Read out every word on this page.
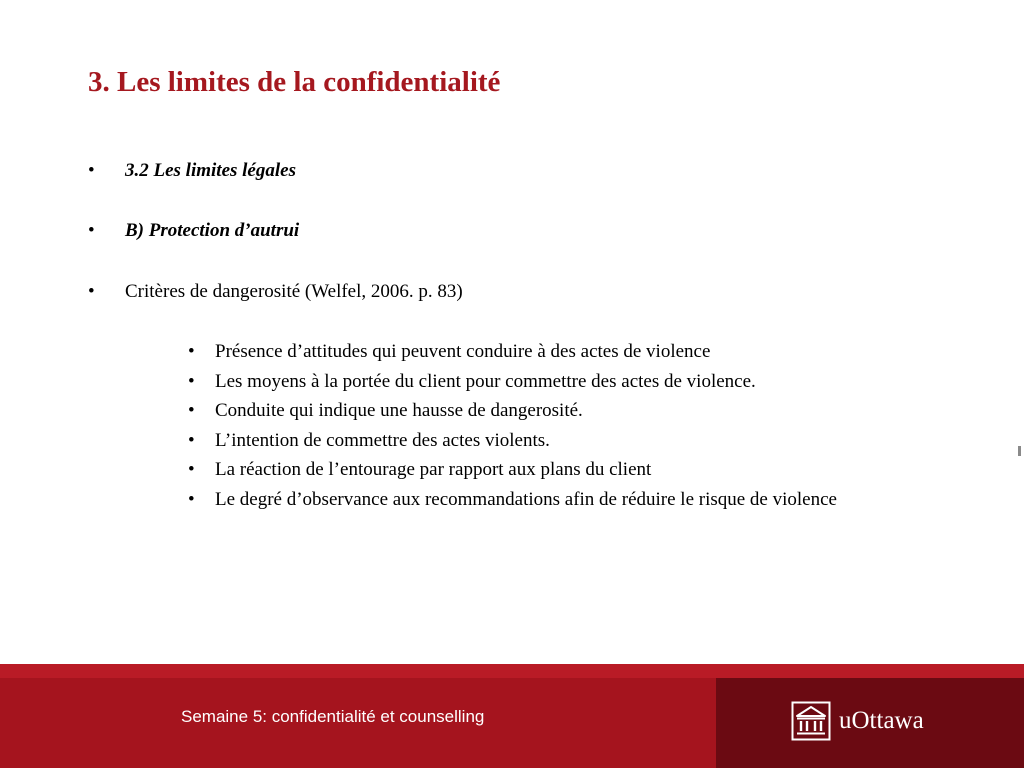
3. Les limites de la confidentialité
• 3.2 Les limites légales
• B) Protection d’autrui
• Critères de dangerosité (Welfel, 2006. p. 83)
• Présence d’attitudes qui peuvent conduire à des actes de violence
• Les moyens à la portée du client pour commettre des actes de violence.
• Conduite qui indique une hausse de dangerosité.
• L’intention de commettre des actes violents.
• La réaction de l’entourage par rapport aux plans du client
• Le degré d’observance aux recommandations afin de réduire le risque de violence
Semaine 5: confidentialité et counselling	uOttawa
